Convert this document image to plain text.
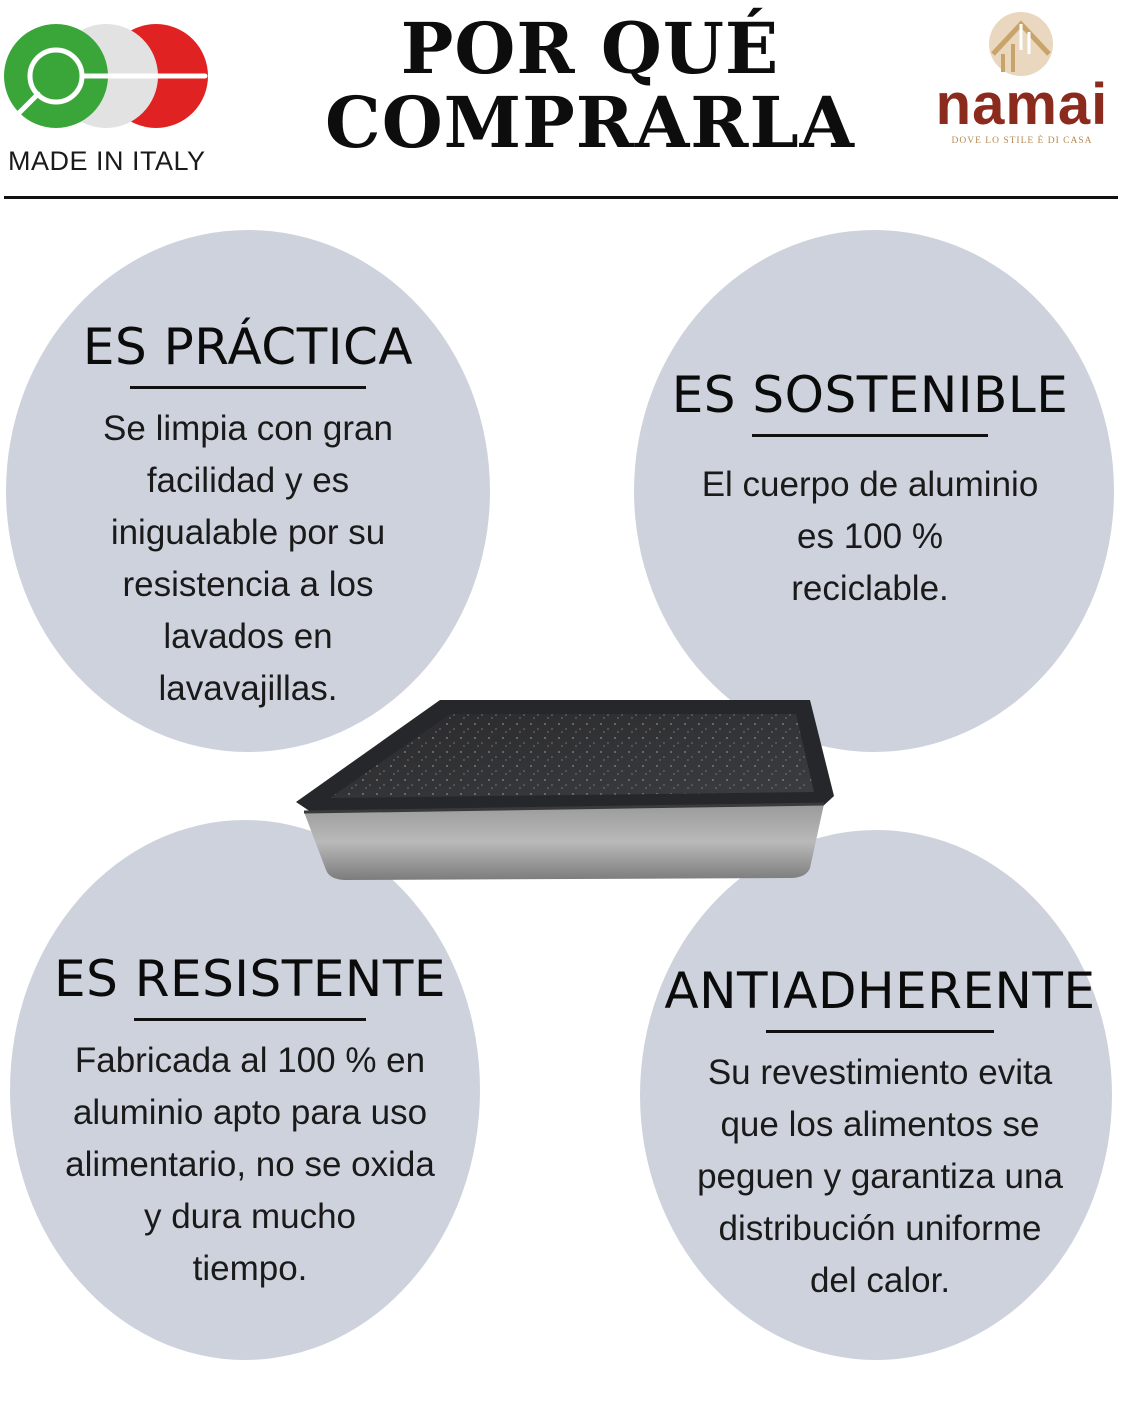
MADE IN ITALY
POR QUÉ
COMPRARLA	namai
DOVE LO STILE È DI CASA
ES PRÁCTICA
Se limpia con gran
facilidad y es
inigualable por su
resistencia a los
lavados en
lavavajillas.
ES SOSTENIBLE
El cuerpo de aluminio
es 100 %
reciclable.
ES RESISTENTE
Fabricada al 100 % en
aluminio apto para uso
alimentario, no se oxida
y dura mucho
tiempo.
ANTIADHERENTE
Su revestimiento evita
que los alimentos se
peguen y garantiza una
distribución uniforme
del calor.
